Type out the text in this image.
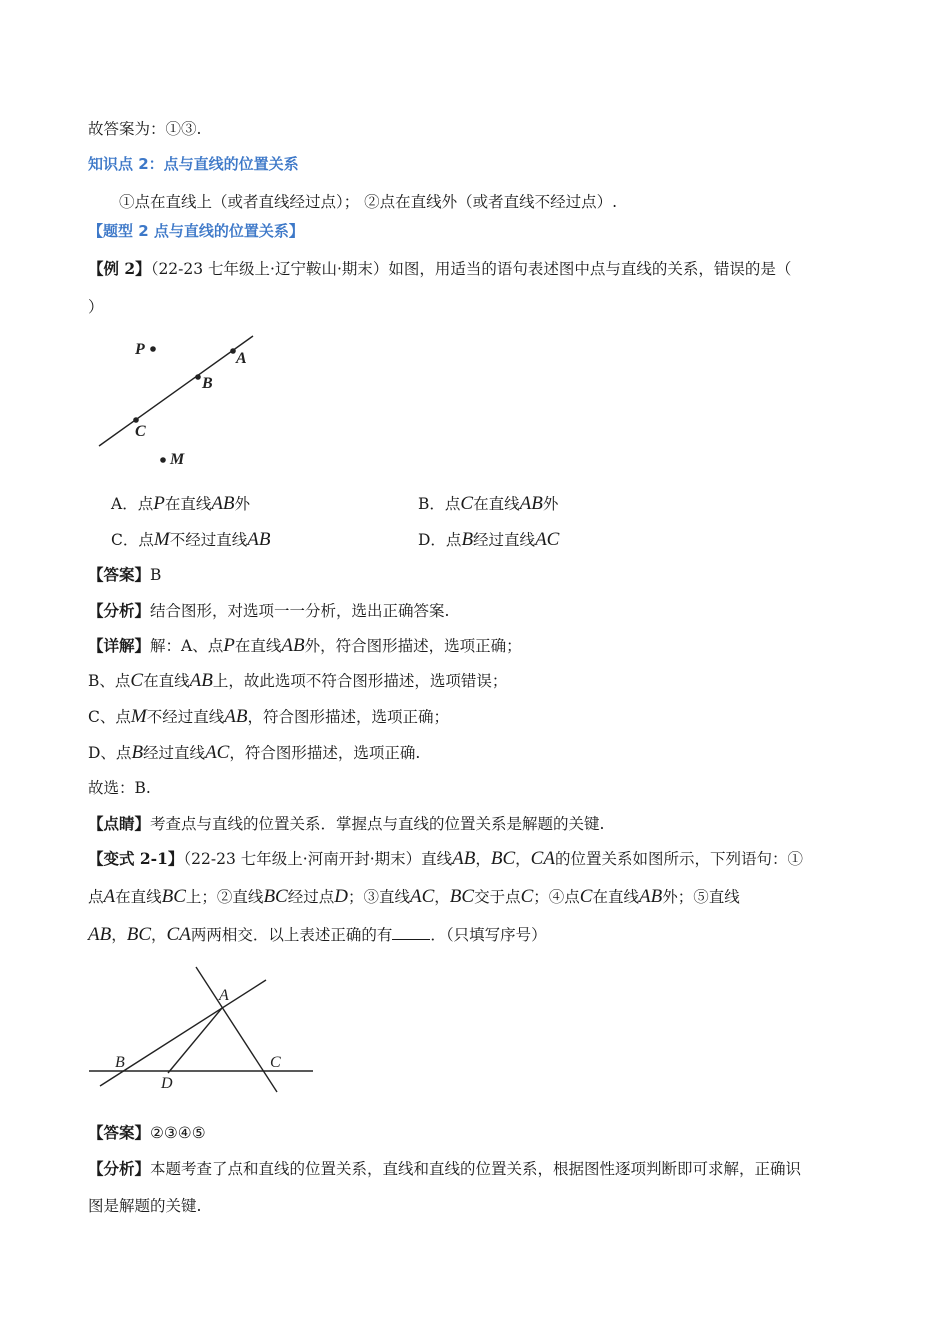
故答案为：①③.
知识点 2：点与直线的位置关系
①点在直线上（或者直线经过点）； ②点在直线外（或者直线不经过点）.
【题型 2 点与直线的位置关系】
【例 2】（22-23 七年级上·辽宁鞍山·期末）如图，用适当的语句表述图中点与直线的关系，错误的是（
）
P
A
B
C
M
A．点P在直线AB外	B．点C在直线AB外
C．点M不经过直线AB	D．点B经过直线AC
【答案】B
【分析】结合图形，对选项一一分析，选出正确答案.
【详解】解：A、点P在直线AB外，符合图形描述，选项正确；
B、点C在直线AB上，故此选项不符合图形描述，选项错误；
C、点M不经过直线AB，符合图形描述，选项正确；
D、点B经过直线AC，符合图形描述，选项正确.
故选：B.
【点睛】考查点与直线的位置关系．掌握点与直线的位置关系是解题的关键.
【变式 2-1】（22-23 七年级上·河南开封·期末）直线AB，BC，CA的位置关系如图所示，下列语句：①
点A在直线BC上；②直线BC经过点D；③直线AC，BC交于点C；④点C在直线AB外；⑤直线
AB，BC，CA两两相交．以上表述正确的有 ．（只填写序号）
A
B	C
D
【答案】②③④⑤
【分析】本题考查了点和直线的位置关系，直线和直线的位置关系，根据图性逐项判断即可求解，正确识
图是解题的关键.
